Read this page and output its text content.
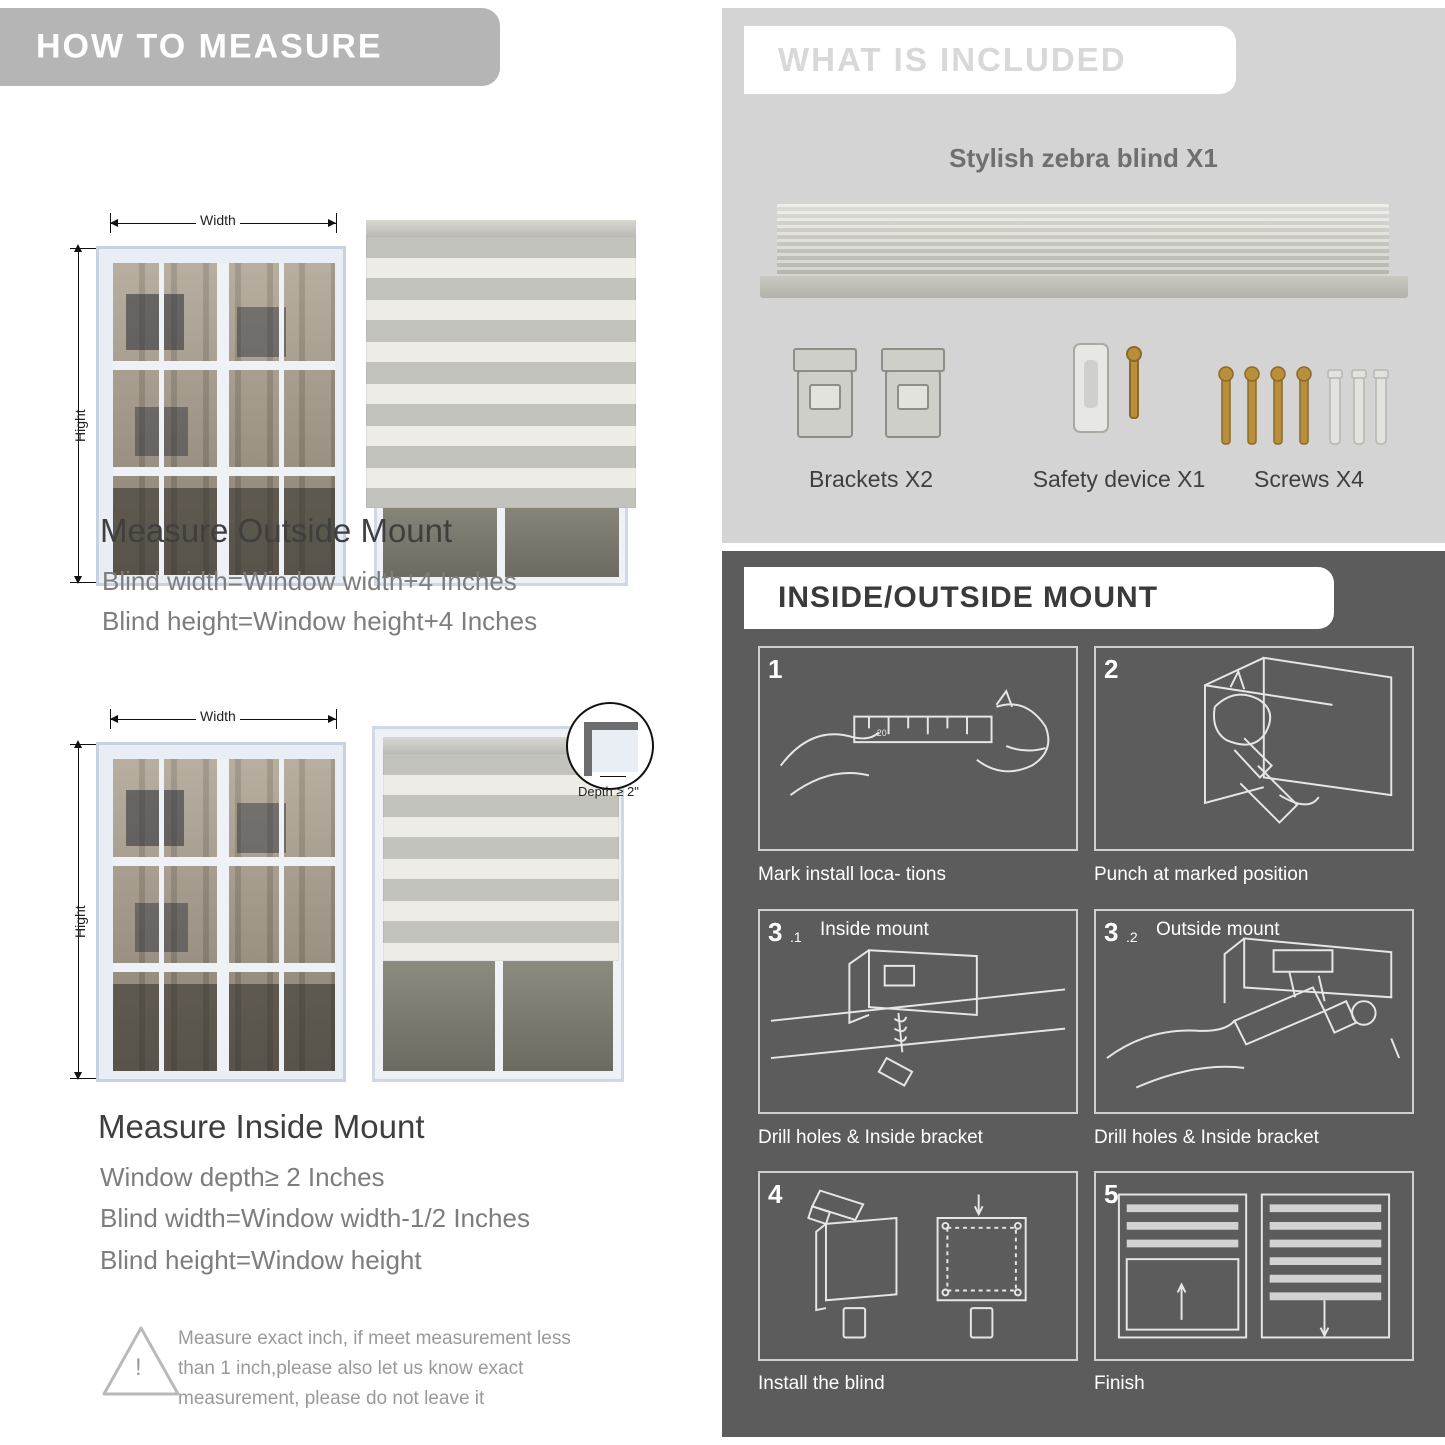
HOW TO MEASURE
Width
Hight
Measure Outside Mount
Blind width=Window width+4 Inches
Blind height=Window height+4 Inches
Width
Hight
Depth ≥ 2"
Measure Inside Mount
Window depth≥ 2 Inches
Blind width=Window width-1/2 Inches
Blind height=Window height
!
Measure exact inch, if meet measurement less
than 1 inch,please also let us know exact
measurement, please do not leave it
WHAT IS INCLUDED
Stylish zebra blind X1
Brackets X2	Safety device X1	Screws X4
INSIDE/OUTSIDE MOUNT
20
1
Mark install loca- tions
2
Punch at marked position
3 .1 Inside mount
Drill holes & Inside bracket
3 .2 Outside mount
Drill holes & Inside bracket
4
Install the blind
5
Finish
